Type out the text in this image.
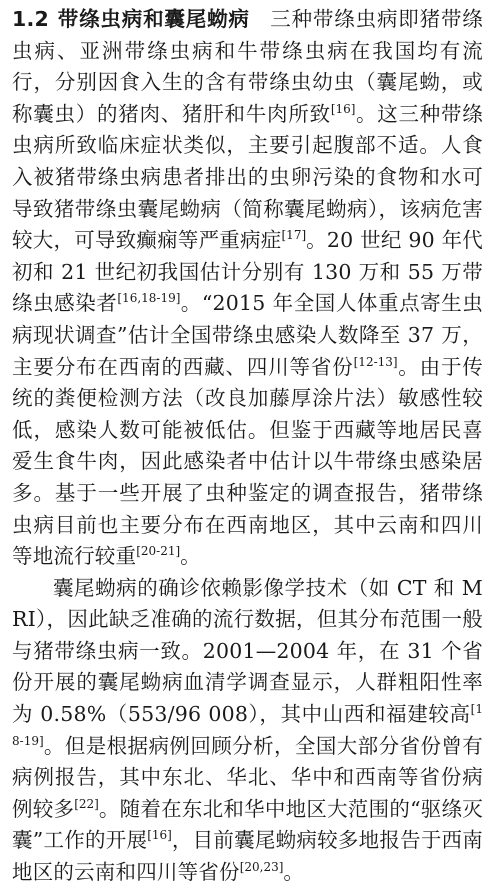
1.2 带绦虫病和囊尾蚴病 三种带绦虫病即猪带绦虫病、亚洲带绦虫病和牛带绦虫病在我国均有流行，分别因食入生的含有带绦虫幼虫（囊尾蚴，或称囊虫）的猪肉、猪肝和牛肉所致[16]。这三种带绦虫病所致临床症状类似，主要引起腹部不适。人食入被猪带绦虫病患者排出的虫卵污染的食物和水可导致猪带绦虫囊尾蚴病（简称囊尾蚴病），该病危害较大，可导致癫痫等严重病症[17]。20 世纪 90 年代初和 21 世纪初我国估计分别有 130 万和 55 万带绦虫感染者[16,18-19]。“2015 年全国人体重点寄生虫病现状调查”估计全国带绦虫感染人数降至 37 万，主要分布在西南的西藏、四川等省份[12-13]。由于传统的粪便检测方法（改良加藤厚涂片法）敏感性较低，感染人数可能被低估。但鉴于西藏等地居民喜爱生食牛肉，因此感染者中估计以牛带绦虫感染居多。基于一些开展了虫种鉴定的调查报告，猪带绦虫病目前也主要分布在西南地区，其中云南和四川等地流行较重[20-21]。

囊尾蚴病的确诊依赖影像学技术（如 CT 和 MRI），因此缺乏准确的流行数据，但其分布范围一般与猪带绦虫病一致。2001—2004 年，在 31 个省份开展的囊尾蚴病血清学调查显示，人群粗阳性率为 0.58%（553/96 008），其中山西和福建较高[18-19]。但是根据病例回顾分析，全国大部分省份曾有病例报告，其中东北、华北、华中和西南等省份病例较多[22]。随着在东北和华中地区大范围的“驱绦灭囊”工作的开展[16]，目前囊尾蚴病较多地报告于西南地区的云南和四川等省份[20,23]。
